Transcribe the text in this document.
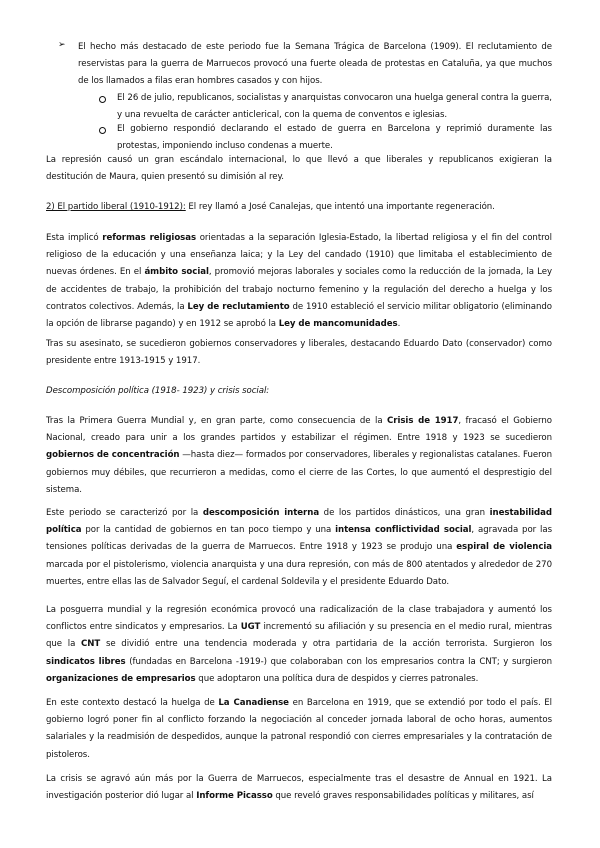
➢ El hecho más destacado de este periodo fue la Semana Trágica de Barcelona (1909). El reclutamiento de reservistas para la guerra de Marruecos provocó una fuerte oleada de protestas en Cataluña, ya que muchos de los llamados a filas eran hombres casados y con hijos.
El 26 de julio, republicanos, socialistas y anarquistas convocaron una huelga general contra la guerra, y una revuelta de carácter anticlerical, con la quema de conventos e iglesias.
El gobierno respondió declarando el estado de guerra en Barcelona y reprimió duramente las protestas, imponiendo incluso condenas a muerte.
La represión causó un gran escándalo internacional, lo que llevó a que liberales y republicanos exigieran la destitución de Maura, quien presentó su dimisión al rey.
2) El partido liberal (1910-1912): El rey llamó a José Canalejas, que intentó una importante regeneración.
Esta implicó reformas religiosas orientadas a la separación Iglesia-Estado, la libertad religiosa y el fin del control religioso de la educación y una enseñanza laica; y la Ley del candado (1910) que limitaba el establecimiento de nuevas órdenes. En el ámbito social, promovió mejoras laborales y sociales como la reducción de la jornada, la Ley de accidentes de trabajo, la prohibición del trabajo nocturno femenino y la regulación del derecho a huelga y los contratos colectivos. Además, la Ley de reclutamiento de 1910 estableció el servicio militar obligatorio (eliminando la opción de librarse pagando) y en 1912 se aprobó la Ley de mancomunidades.
Tras su asesinato, se sucedieron gobiernos conservadores y liberales, destacando Eduardo Dato (conservador) como presidente entre 1913-1915 y 1917.
Descomposición política (1918- 1923) y crisis social:
Tras la Primera Guerra Mundial y, en gran parte, como consecuencia de la Crisis de 1917, fracasó el Gobierno Nacional, creado para unir a los grandes partidos y estabilizar el régimen. Entre 1918 y 1923 se sucedieron gobiernos de concentración —hasta diez— formados por conservadores, liberales y regionalistas catalanes. Fueron gobiernos muy débiles, que recurrieron a medidas, como el cierre de las Cortes, lo que aumentó el desprestigio del sistema.
Este periodo se caracterizó por la descomposición interna de los partidos dinásticos, una gran inestabilidad política por la cantidad de gobiernos en tan poco tiempo y una intensa conflictividad social, agravada por las tensiones políticas derivadas de la guerra de Marruecos. Entre 1918 y 1923 se produjo una espiral de violencia marcada por el pistolerismo, violencia anarquista y una dura represión, con más de 800 atentados y alrededor de 270 muertes, entre ellas las de Salvador Seguí, el cardenal Soldevila y el presidente Eduardo Dato.
La posguerra mundial y la regresión económica provocó una radicalización de la clase trabajadora y aumentó los conflictos entre sindicatos y empresarios. La UGT incrementó su afiliación y su presencia en el medio rural, mientras que la CNT se dividió entre una tendencia moderada y otra partidaria de la acción terrorista. Surgieron los sindicatos libres (fundadas en Barcelona -1919-) que colaboraban con los empresarios contra la CNT; y surgieron organizaciones de empresarios que adoptaron una política dura de despidos y cierres patronales.
En este contexto destacó la huelga de La Canadiense en Barcelona en 1919, que se extendió por todo el país. El gobierno logró poner fin al conflicto forzando la negociación al conceder jornada laboral de ocho horas, aumentos salariales y la readmisión de despedidos, aunque la patronal respondió con cierres empresariales y la contratación de pistoleros.
La crisis se agravó aún más por la Guerra de Marruecos, especialmente tras el desastre de Annual en 1921. La investigación posterior dió lugar al Informe Picasso que reveló graves responsabilidades políticas y militares, así
